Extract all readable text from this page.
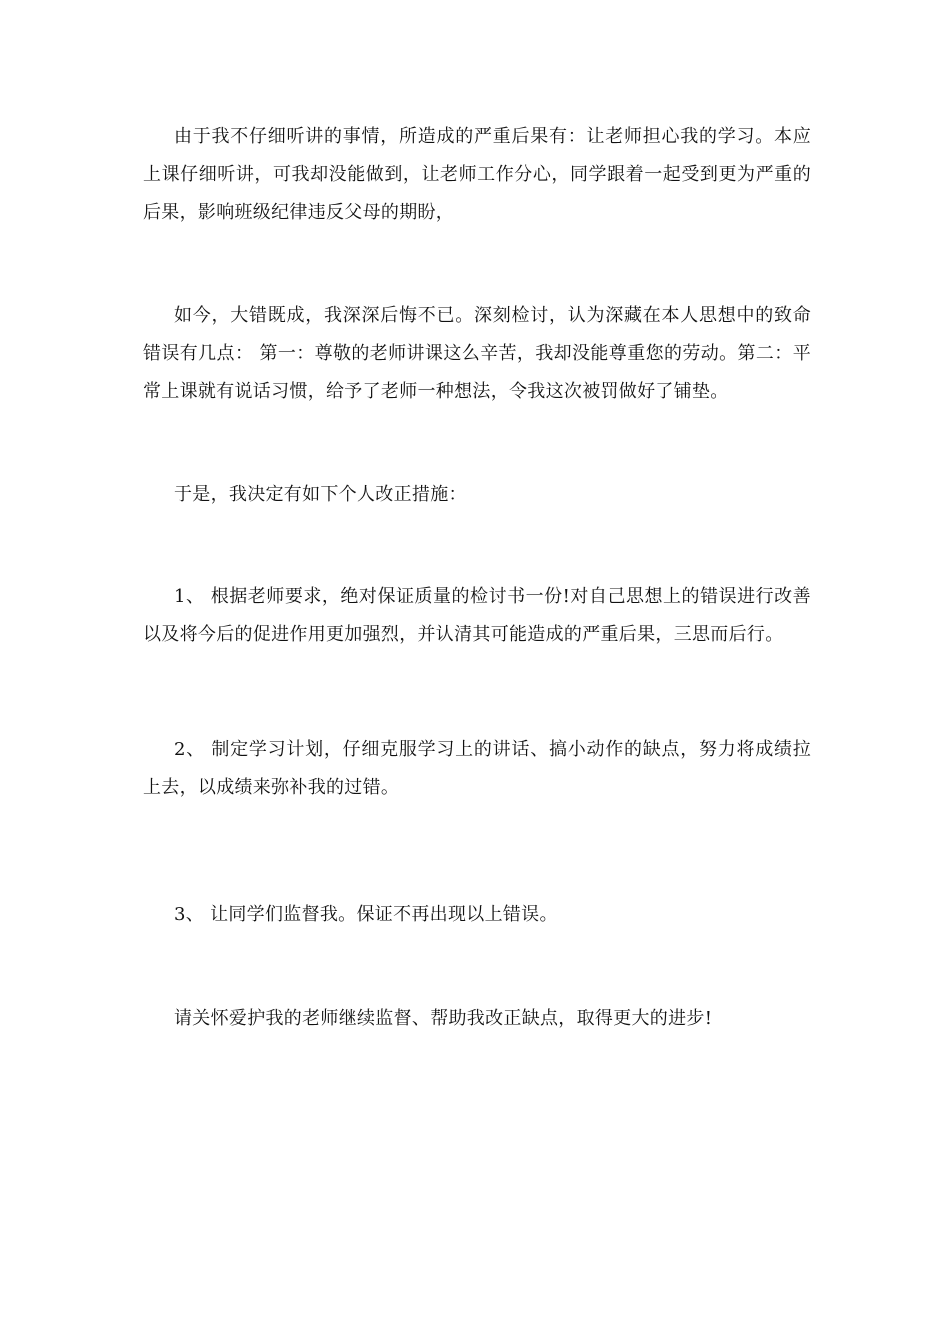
由于我不仔细听讲的事情，所造成的严重后果有：让老师担心我的学习。本应上课仔细听讲，可我却没能做到，让老师工作分心，同学跟着一起受到更为严重的后果，影响班级纪律违反父母的期盼，

如今，大错既成，我深深后悔不已。深刻检讨，认为深藏在本人思想中的致命错误有几点： 第一：尊敬的老师讲课这么辛苦，我却没能尊重您的劳动。第二：平常上课就有说话习惯，给予了老师一种想法，令我这次被罚做好了铺垫。

于是，我决定有如下个人改正措施：

1、 根据老师要求，绝对保证质量的检讨书一份!对自己思想上的错误进行改善以及将今后的促进作用更加强烈，并认清其可能造成的严重后果，三思而后行。

2、 制定学习计划，仔细克服学习上的讲话、搞小动作的缺点，努力将成绩拉上去，以成绩来弥补我的过错。

3、 让同学们监督我。保证不再出现以上错误。

请关怀爱护我的老师继续监督、帮助我改正缺点，取得更大的进步!
